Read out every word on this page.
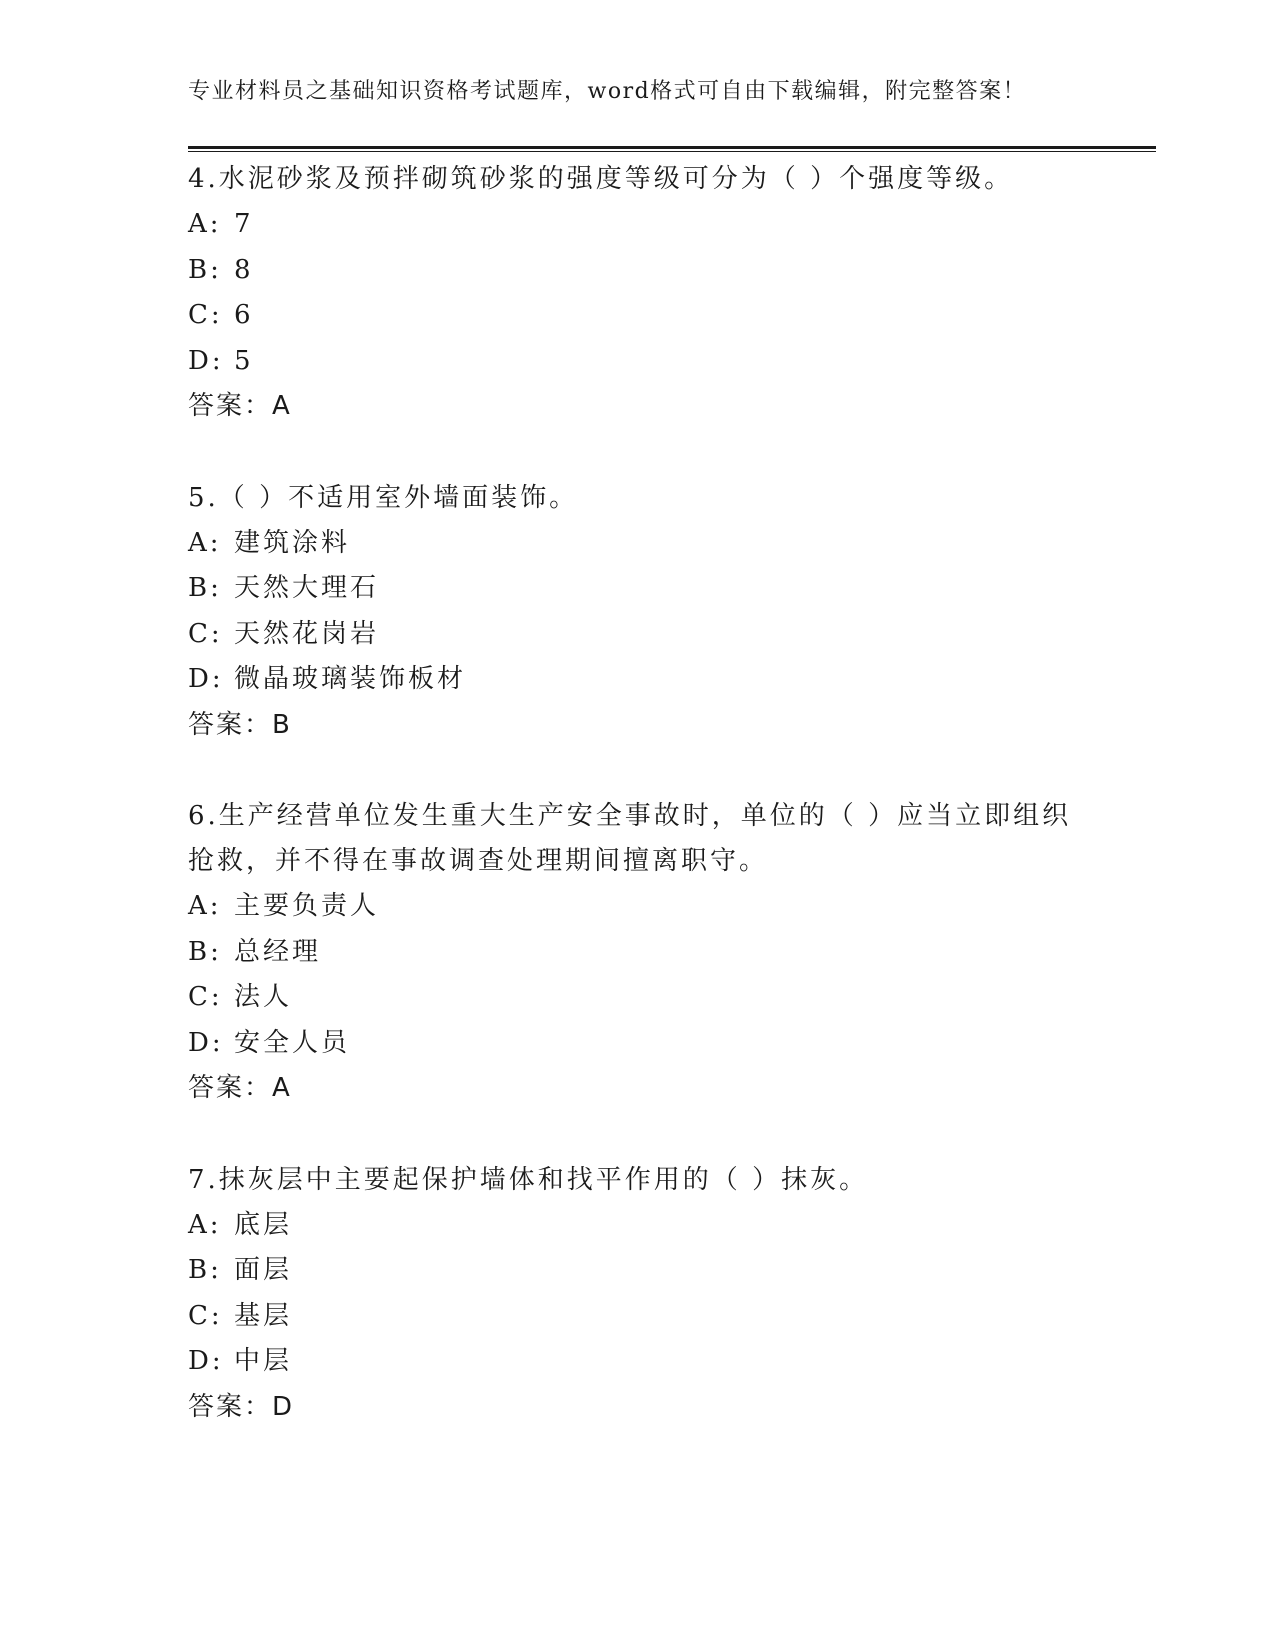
专业材料员之基础知识资格考试题库，word格式可自由下载编辑，附完整答案！
4.水泥砂浆及预拌砌筑砂浆的强度等级可分为（ ）个强度等级。
A: 7
B: 8
C: 6
D: 5
答案：A
5.（ ）不适用室外墙面装饰。
A: 建筑涂料
B: 天然大理石
C: 天然花岗岩
D: 微晶玻璃装饰板材
答案：B
6.生产经营单位发生重大生产安全事故时，单位的（ ）应当立即组织抢救，并不得在事故调查处理期间擅离职守。
A: 主要负责人
B: 总经理
C: 法人
D: 安全人员
答案：A
7.抹灰层中主要起保护墙体和找平作用的（ ）抹灰。
A: 底层
B: 面层
C: 基层
D: 中层
答案：D
